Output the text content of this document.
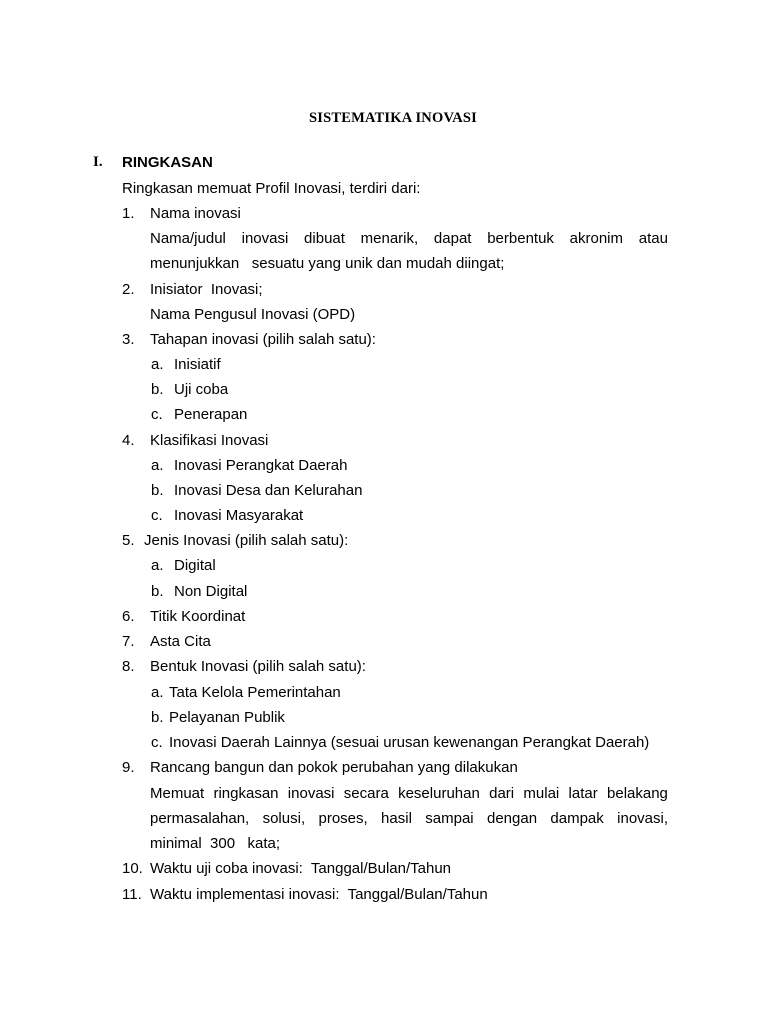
SISTEMATIKA INOVASI
I. RINGKASAN
Ringkasan memuat Profil Inovasi, terdiri dari:
1. Nama inovasi
Nama/judul inovasi dibuat menarik, dapat berbentuk akronim atau
menunjukkan   sesuatu yang unik dan mudah diingat;
2. Inisiator  Inovasi;
Nama Pengusul Inovasi (OPD)
3. Tahapan inovasi (pilih salah satu):
a. Inisiatif
b. Uji coba
c. Penerapan
4. Klasifikasi Inovasi
a. Inovasi Perangkat Daerah
b. Inovasi Desa dan Kelurahan
c. Inovasi Masyarakat
5. Jenis Inovasi (pilih salah satu):
a. Digital
b. Non Digital
6. Titik Koordinat
7. Asta Cita
8. Bentuk Inovasi (pilih salah satu):
a. Tata Kelola Pemerintahan
b. Pelayanan Publik
c. Inovasi Daerah Lainnya (sesuai urusan kewenangan Perangkat Daerah)
9. Rancang bangun dan pokok perubahan yang dilakukan
Memuat ringkasan inovasi secara keseluruhan dari mulai latar belakang
permasalahan, solusi, proses, hasil sampai dengan dampak inovasi,
minimal  300   kata;
10. Waktu uji coba inovasi:  Tanggal/Bulan/Tahun
11. Waktu implementasi inovasi:  Tanggal/Bulan/Tahun
